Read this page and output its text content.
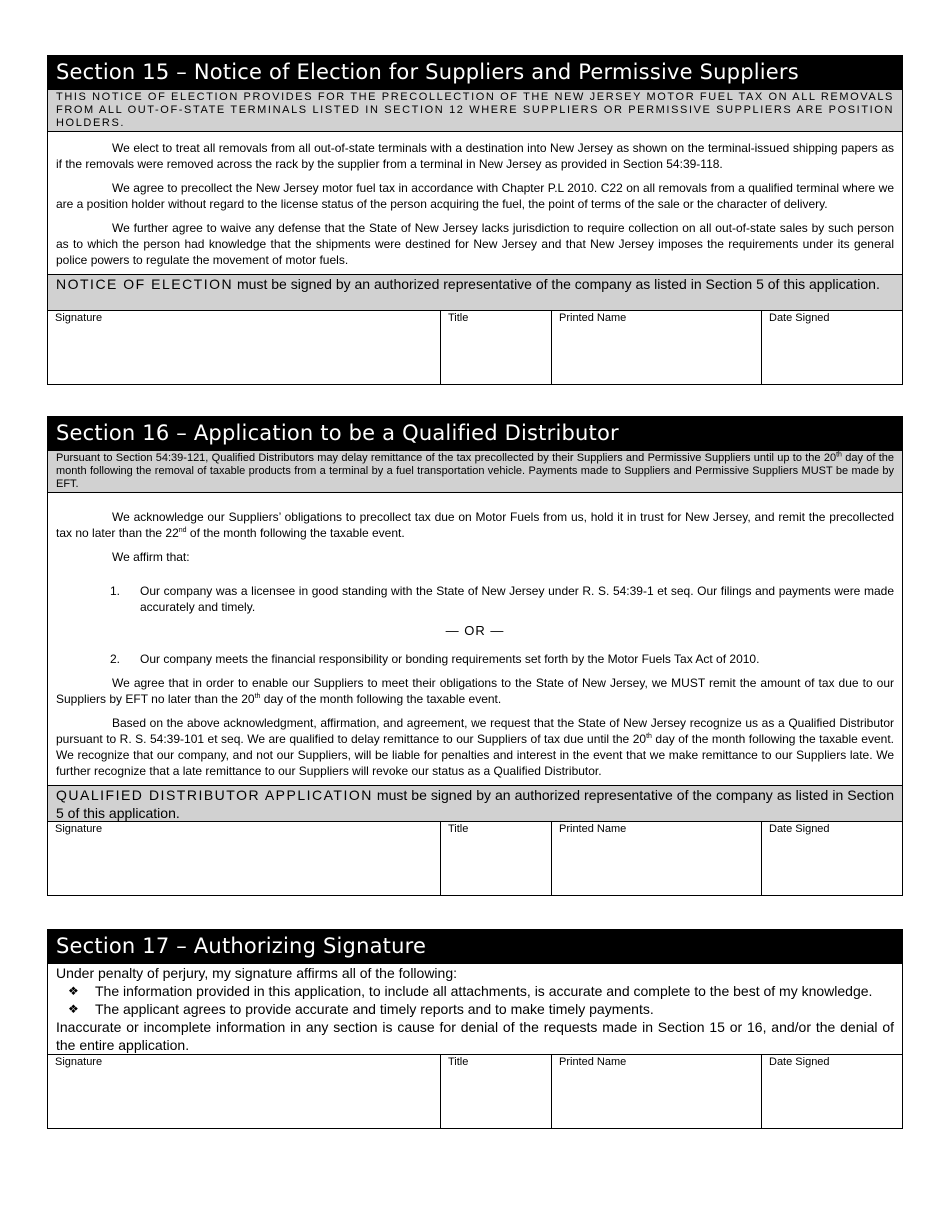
Section 15 – Notice of Election for Suppliers and Permissive Suppliers
THIS NOTICE OF ELECTION PROVIDES FOR THE PRECOLLECTION OF THE NEW JERSEY MOTOR FUEL TAX ON ALL REMOVALS FROM ALL OUT-OF-STATE TERMINALS LISTED IN SECTION 12 WHERE SUPPLIERS OR PERMISSIVE SUPPLIERS ARE POSITION HOLDERS.

We elect to treat all removals from all out-of-state terminals with a destination into New Jersey as shown on the terminal-issued shipping papers as if the removals were removed across the rack by the supplier from a terminal in New Jersey as provided in Section 54:39-118.

We agree to precollect the New Jersey motor fuel tax in accordance with Chapter P.L 2010. C22 on all removals from a qualified terminal where we are a position holder without regard to the license status of the person acquiring the fuel, the point of terms of the sale or the character of delivery.

We further agree to waive any defense that the State of New Jersey lacks jurisdiction to require collection on all out-of-state sales by such person as to which the person had knowledge that the shipments were destined for New Jersey and that New Jersey imposes the requirements under its general police powers to regulate the movement of motor fuels.

NOTICE OF ELECTION must be signed by an authorized representative of the company as listed in Section 5 of this application.
Signature	Title	Printed Name	Date Signed
Section 16 – Application to be a Qualified Distributor
Pursuant to Section 54:39-121, Qualified Distributors may delay remittance of the tax precollected by their Suppliers and Permissive Suppliers until up to the 20th day of the month following the removal of taxable products from a terminal by a fuel transportation vehicle. Payments made to Suppliers and Permissive Suppliers MUST be made by EFT.

We acknowledge our Suppliers’ obligations to precollect tax due on Motor Fuels from us, hold it in trust for New Jersey, and remit the precollected tax no later than the 22nd of the month following the taxable event.

We affirm that:

1.	Our company was a licensee in good standing with the State of New Jersey under R. S. 54:39-1 et seq. Our filings and payments were made accurately and timely.
— OR —
2.	Our company meets the financial responsibility or bonding requirements set forth by the Motor Fuels Tax Act of 2010.

We agree that in order to enable our Suppliers to meet their obligations to the State of New Jersey, we MUST remit the amount of tax due to our Suppliers by EFT no later than the 20th day of the month following the taxable event.

Based on the above acknowledgment, affirmation, and agreement, we request that the State of New Jersey recognize us as a Qualified Distributor pursuant to R. S. 54:39-101 et seq. We are qualified to delay remittance to our Suppliers of tax due until the 20th day of the month following the taxable event. We recognize that our company, and not our Suppliers, will be liable for penalties and interest in the event that we make remittance to our Suppliers late. We further recognize that a late remittance to our Suppliers will revoke our status as a Qualified Distributor.

QUALIFIED DISTRIBUTOR APPLICATION must be signed by an authorized representative of the company as listed in Section 5 of this application.
Signature	Title	Printed Name	Date Signed
Section 17 – Authorizing Signature
Under penalty of perjury, my signature affirms all of the following:
❖	The information provided in this application, to include all attachments, is accurate and complete to the best of my knowledge.
❖	The applicant agrees to provide accurate and timely reports and to make timely payments.
Inaccurate or incomplete information in any section is cause for denial of the requests made in Section 15 or 16, and/or the denial of the entire application.
Signature	Title	Printed Name	Date Signed
